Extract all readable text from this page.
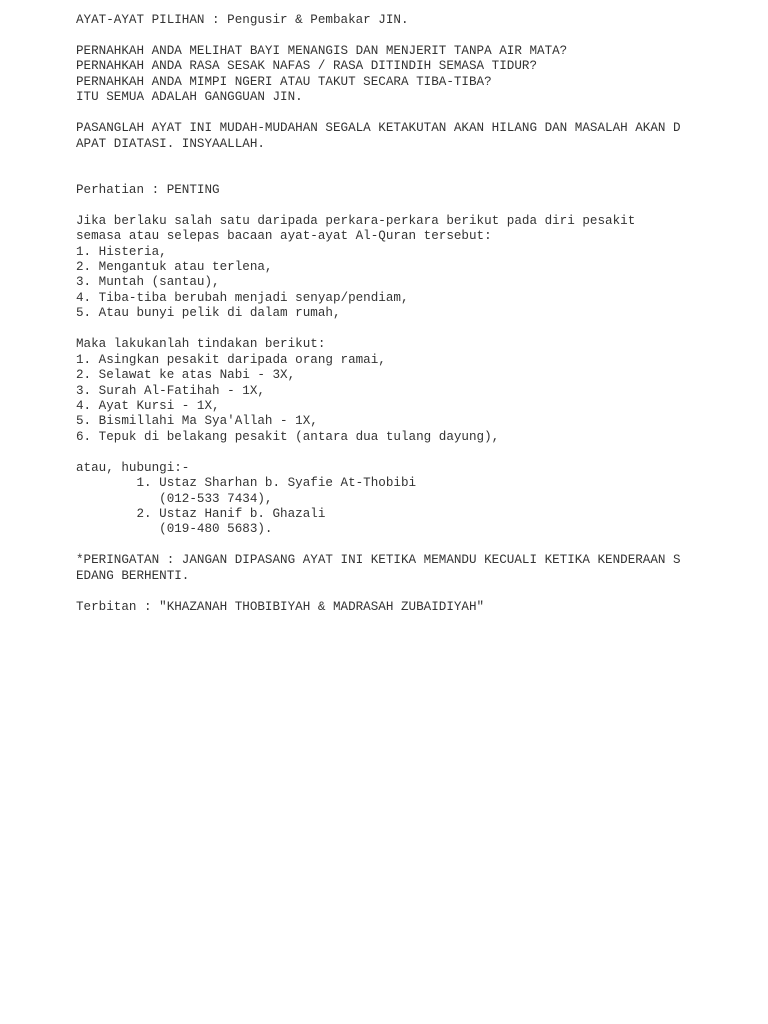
AYAT-AYAT PILIHAN : Pengusir & Pembakar JIN.
PERNAHKAH ANDA MELIHAT BAYI MENANGIS DAN MENJERIT TANPA AIR MATA?
PERNAHKAH ANDA RASA SESAK NAFAS / RASA DITINDIH SEMASA TIDUR?
PERNAHKAH ANDA MIMPI NGERI ATAU TAKUT SECARA TIBA-TIBA?
ITU SEMUA ADALAH GANGGUAN JIN.
PASANGLAH AYAT INI MUDAH-MUDAHAN SEGALA KETAKUTAN AKAN HILANG DAN MASALAH AKAN D
APAT DIATASI. INSYAALLAH.
Perhatian : PENTING
Jika berlaku salah satu daripada perkara-perkara berikut pada diri pesakit
semasa atau selepas bacaan ayat-ayat Al-Quran tersebut:
1. Histeria,
2. Mengantuk atau terlena,
3. Muntah (santau),
4. Tiba-tiba berubah menjadi senyap/pendiam,
5. Atau bunyi pelik di dalam rumah,
Maka lakukanlah tindakan berikut:
1. Asingkan pesakit daripada orang ramai,
2. Selawat ke atas Nabi - 3X,
3. Surah Al-Fatihah - 1X,
4. Ayat Kursi - 1X,
5. Bismillahi Ma Sya'Allah - 1X,
6. Tepuk di belakang pesakit (antara dua tulang dayung),
atau, hubungi:-
1. Ustaz Sharhan b. Syafie At-Thobibi
(012-533 7434),
2. Ustaz Hanif b. Ghazali
(019-480 5683).
*PERINGATAN : JANGAN DIPASANG AYAT INI KETIKA MEMANDU KECUALI KETIKA KENDERAAN S
EDANG BERHENTI.
Terbitan : "KHAZANAH THOBIBIYAH & MADRASAH ZUBAIDIYAH"
